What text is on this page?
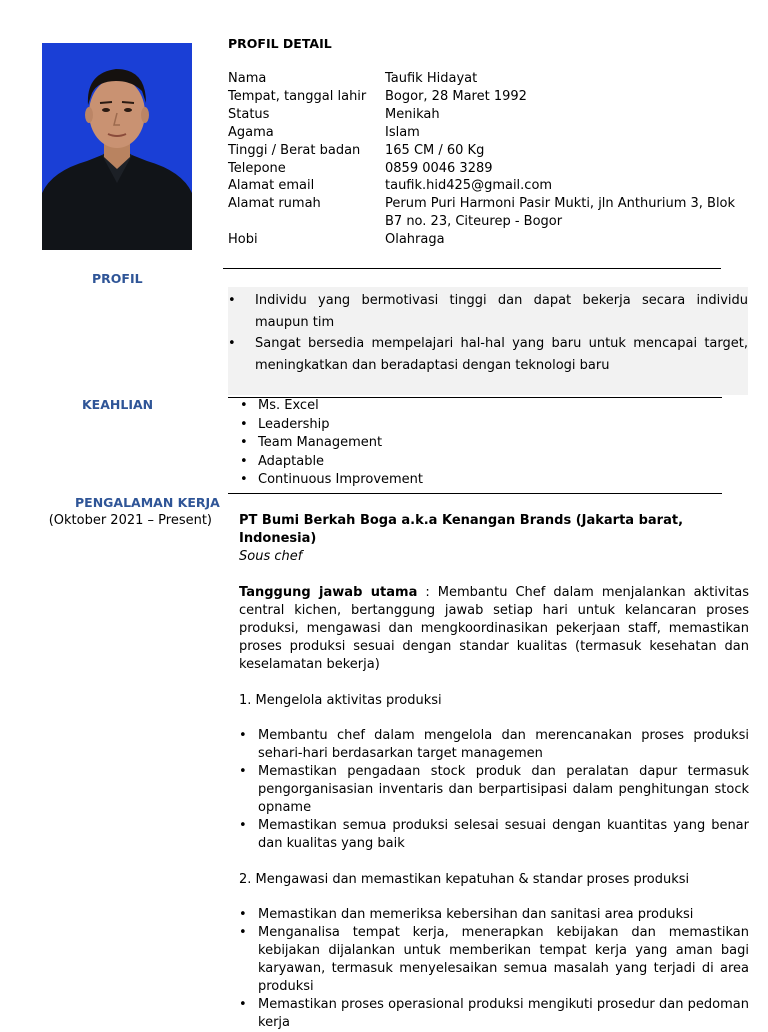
PROFIL DETAIL
Nama	Taufik Hidayat
Tempat, tanggal lahir	Bogor, 28 Maret 1992
Status	Menikah
Agama	Islam
Tinggi / Berat badan	165 CM / 60 Kg
Telepone	0859 0046 3289
Alamat email	taufik.hid425@gmail.com
Alamat rumah	Perum Puri Harmoni Pasir Mukti, jln Anthurium 3, Blok B7 no. 23, Citeurep - Bogor
Hobi	Olahraga
PROFIL
• Individu yang bermotivasi tinggi dan dapat bekerja secara individu maupun tim
• Sangat bersedia mempelajari hal-hal yang baru untuk mencapai target, meningkatkan dan beradaptasi dengan teknologi baru
KEAHLIAN
•	Ms. Excel
• Leadership
• Team Management
• Adaptable
• Continuous Improvement
PENGALAMAN KERJA
(Oktober 2021 – Present) PT Bumi Berkah Boga a.k.a Kenangan Brands (Jakarta barat, Indonesia)
Sous chef
Tanggung jawab utama : Membantu Chef dalam menjalankan aktivitas central kichen, bertanggung jawab setiap hari untuk kelancaran proses produksi, mengawasi dan mengkoordinasikan pekerjaan staff, memastikan proses produksi sesuai dengan standar kualitas (termasuk kesehatan dan keselamatan bekerja)
1. Mengelola aktivitas produksi
• Membantu chef dalam mengelola dan merencanakan proses produksi sehari-hari berdasarkan target managemen
• Memastikan pengadaan stock produk dan peralatan dapur termasuk pengorganisasian inventaris dan berpartisipasi dalam penghitungan stock opname
• Memastikan semua produksi selesai sesuai dengan kuantitas yang benar dan kualitas yang baik
2. Mengawasi dan memastikan kepatuhan & standar proses produksi
• Memastikan dan memeriksa kebersihan dan sanitasi area produksi
• Menganalisa tempat kerja, menerapkan kebijakan dan memastikan kebijakan dijalankan untuk memberikan tempat kerja yang aman bagi karyawan, termasuk menyelesaikan semua masalah yang terjadi di area produksi
• Memastikan proses operasional produksi mengikuti prosedur dan pedoman kerja
